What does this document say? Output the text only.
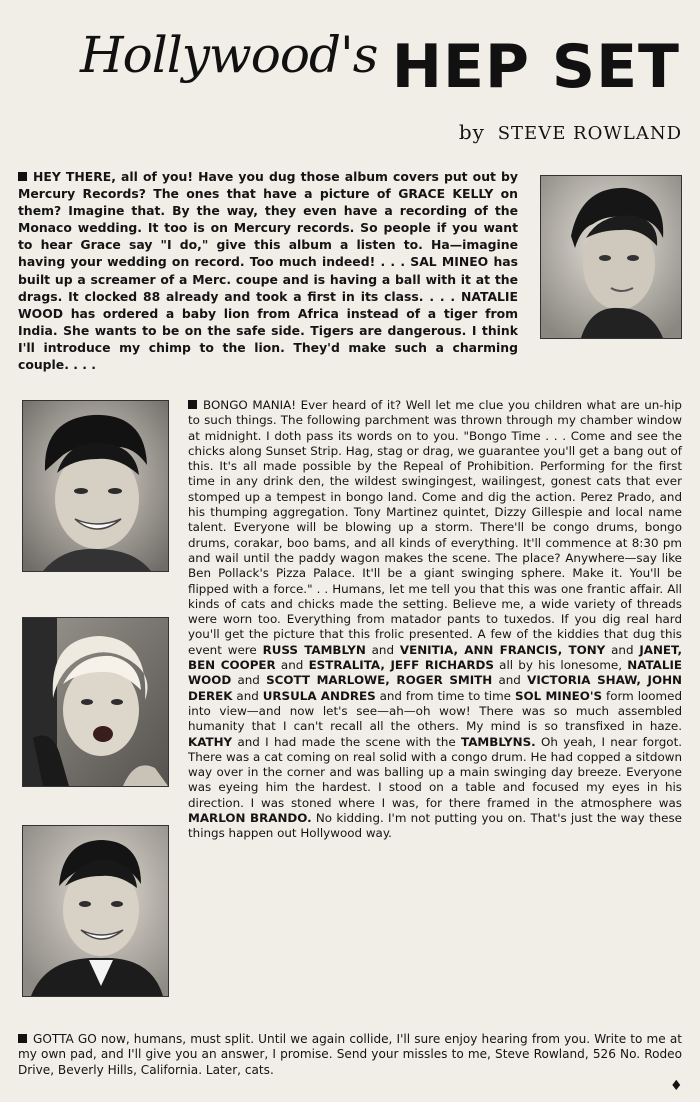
Hollywood's HEP SET
by STEVE ROWLAND

HEY THERE, all of you! Have you dug those album covers put out by Mercury Records? The ones that have a picture of GRACE KELLY on them? Imagine that. By the way, they even have a recording of the Monaco wedding. It too is on Mercury records. So people if you want to hear Grace say "I do," give this album a listen to. Ha—imagine having your wedding on record. Too much indeed! . . . SAL MINEO has built up a screamer of a Merc. coupe and is having a ball with it at the drags. It clocked 88 already and took a first in its class. . . . NATALIE WOOD has ordered a baby lion from Africa instead of a tiger from India. She wants to be on the safe side. Tigers are dangerous. I think I'll introduce my chimp to the lion. They'd make such a charming couple. . . .

BONGO MANIA! Ever heard of it? Well let me clue you children what are un-hip to such things. The following parchment was thrown through my chamber window at midnight. I doth pass its words on to you. "Bongo Time . . . Come and see the chicks along Sunset Strip. Hag, stag or drag, we guarantee you'll get a bang out of this. It's all made possible by the Repeal of Prohibition. Performing for the first time in any drink den, the wildest swingingest, wailingest, gonest cats that ever stomped up a tempest in bongo land. Come and dig the action. Perez Prado, and his thumping aggregation. Tony Martinez quintet, Dizzy Gillespie and local name talent. Everyone will be blowing up a storm. There'll be congo drums, bongo drums, corakar, boo bams, and all kinds of everything. It'll commence at 8:30 pm and wail until the paddy wagon makes the scene. The place? Anywhere—say like Ben Pollack's Pizza Palace. It'll be a giant swinging sphere. Make it. You'll be flipped with a force." . . Humans, let me tell you that this was one frantic affair. All kinds of cats and chicks made the setting. Believe me, a wide variety of threads were worn too. Everything from matador pants to tuxedos. If you dig real hard you'll get the picture that this frolic presented. A few of the kiddies that dug this event were RUSS TAMBLYN and VENITIA, ANN FRANCIS, TONY and JANET, BEN COOPER and ESTRALITA, JEFF RICHARDS all by his lonesome, NATALIE WOOD and SCOTT MARLOWE, ROGER SMITH and VICTORIA SHAW, JOHN DEREK and URSULA ANDRES and from time to time SOL MINEO'S form loomed into view—and now let's see—ah—oh wow! There was so much assembled humanity that I can't recall all the others. My mind is so transfixed in haze. KATHY and I had made the scene with the TAMBLYNS. Oh yeah, I near forgot. There was a cat coming on real solid with a congo drum. He had copped a sitdown way over in the corner and was balling up a main swinging day breeze. Everyone was eyeing him the hardest. I stood on a table and focused my eyes in his direction. I was stoned where I was, for there framed in the atmosphere was MARLON BRANDO. No kidding. I'm not putting you on. That's just the way these things happen out Hollywood way.

GOTTA GO now, humans, must split. Until we again collide, I'll sure enjoy hearing from you. Write to me at my own pad, and I'll give you an answer, I promise. Send your missles to me, Steve Rowland, 526 No. Rodeo Drive, Beverly Hills, California. Later, cats.

♦
